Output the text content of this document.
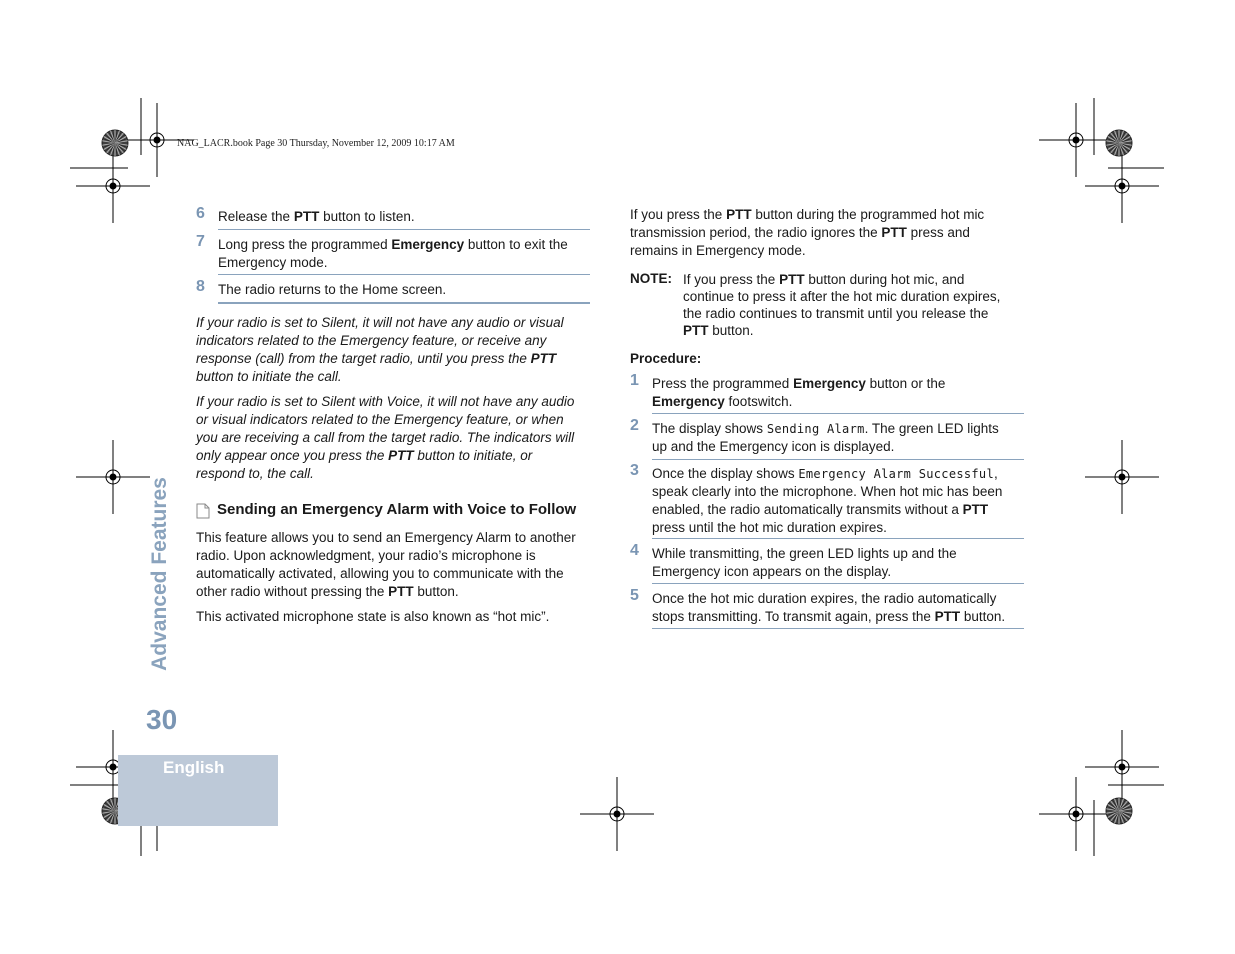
NAG_LACR.book Page 30 Thursday, November 12, 2009 10:17 AM
Advanced Features
30
English
6 Release the PTT button to listen.
7 Long press the programmed Emergency button to exit the
Emergency mode.
8 The radio returns to the Home screen.
If your radio is set to Silent, it will not have any audio or visual
indicators related to the Emergency feature, or receive any
response (call) from the target radio, until you press the PTT
button to initiate the call.
If your radio is set to Silent with Voice, it will not have any audio
or visual indicators related to the Emergency feature, or when
you are receiving a call from the target radio. The indicators will
only appear once you press the PTT button to initiate, or
respond to, the call.
Sending an Emergency Alarm with Voice to Follow
This feature allows you to send an Emergency Alarm to another
radio. Upon acknowledgment, your radio’s microphone is
automatically activated, allowing you to communicate with the
other radio without pressing the PTT button.
This activated microphone state is also known as “hot mic”.
If you press the PTT button during the programmed hot mic
transmission period, the radio ignores the PTT press and
remains in Emergency mode.
NOTE: If you press the PTT button during hot mic, and
continue to press it after the hot mic duration expires,
the radio continues to transmit until you release the
PTT button.
Procedure:
1 Press the programmed Emergency button or the
Emergency footswitch.
2 The display shows Sending Alarm. The green LED lights
up and the Emergency icon is displayed.
3 Once the display shows Emergency Alarm Successful,
speak clearly into the microphone. When hot mic has been
enabled, the radio automatically transmits without a PTT
press until the hot mic duration expires.
4 While transmitting, the green LED lights up and the
Emergency icon appears on the display.
5 Once the hot mic duration expires, the radio automatically
stops transmitting. To transmit again, press the PTT button.
